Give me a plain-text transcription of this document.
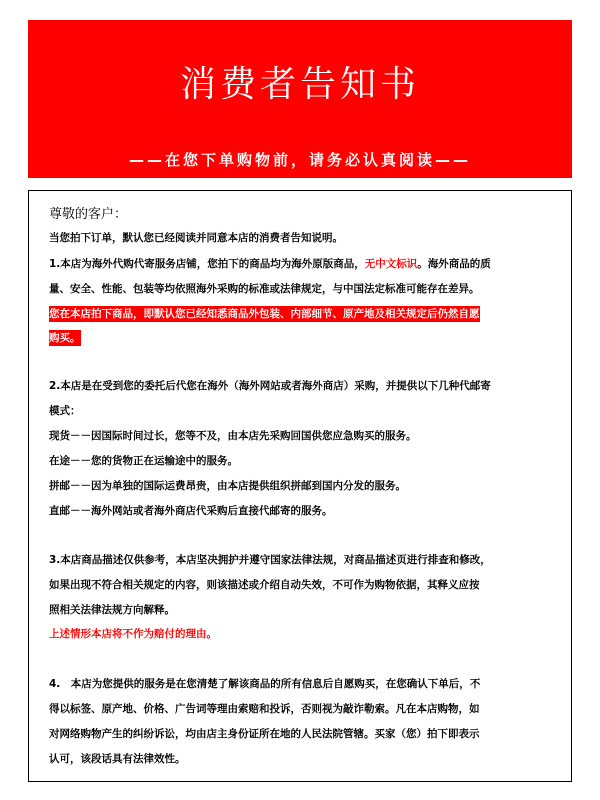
消费者告知书
——在您下单购物前，请务必认真阅读——
尊敬的客户：
当您拍下订单，默认您已经阅读并同意本店的消费者告知说明。
1.本店为海外代购代寄服务店铺，您拍下的商品均为海外原版商品，无中文标识。海外商品的质
量、安全、性能、包装等均依照海外采购的标准或法律规定，与中国法定标准可能存在差异。
您在本店拍下商品，即默认您已经知悉商品外包装、内部细节、原产地及相关规定后仍然自愿
购买。
2.本店是在受到您的委托后代您在海外（海外网站或者海外商店）采购，并提供以下几种代邮寄
模式：
现货－－因国际时间过长，您等不及，由本店先采购回国供您应急购买的服务。
在途－－您的货物正在运输途中的服务。
拼邮－－因为单独的国际运费昂贵，由本店提供组织拼邮到国内分发的服务。
直邮－－海外网站或者海外商店代采购后直接代邮寄的服务。
3.本店商品描述仅供参考，本店坚决拥护并遵守国家法律法规，对商品描述页进行排查和修改，
如果出现不符合相关规定的内容，则该描述或介绍自动失效，不可作为购物依据，其释义应按
照相关法律法规方向解释。
上述情形本店将不作为赔付的理由。
4.　本店为您提供的服务是在您清楚了解该商品的所有信息后自愿购买，在您确认下单后，不
得以标签、原产地、价格、广告词等理由索赔和投诉，否则视为敲诈勒索。凡在本店购物，如
对网络购物产生的纠纷诉讼，均由店主身份证所在地的人民法院管辖。买家（您）拍下即表示
认可，该段话具有法律效性。
